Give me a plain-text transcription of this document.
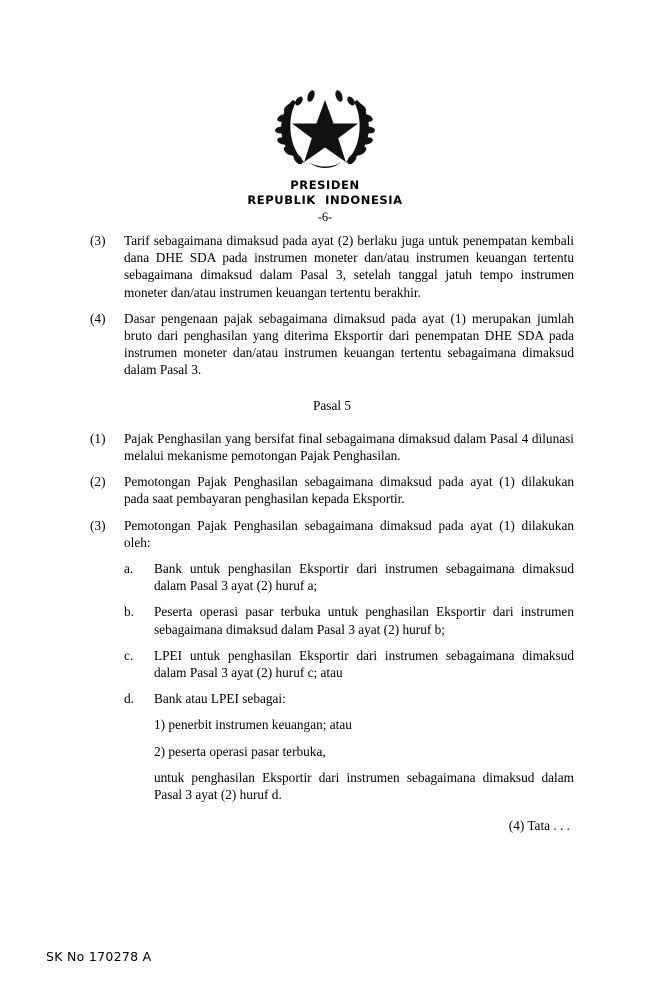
PRESIDEN
REPUBLIK  INDONESIA
-6-
(3)	Tarif sebagaimana dimaksud pada ayat (2) berlaku juga untuk penempatan kembali dana DHE SDA pada instrumen moneter dan/atau instrumen keuangan tertentu sebagaimana dimaksud dalam Pasal 3, setelah tanggal jatuh tempo instrumen moneter dan/atau instrumen keuangan tertentu berakhir.
(4)	Dasar pengenaan pajak sebagaimana dimaksud pada ayat (1) merupakan jumlah bruto dari penghasilan yang diterima Eksportir dari penempatan DHE SDA pada instrumen moneter dan/atau instrumen keuangan tertentu sebagaimana dimaksud dalam Pasal 3.
Pasal 5
(1)	Pajak Penghasilan yang bersifat final sebagaimana dimaksud dalam Pasal 4 dilunasi melalui mekanisme pemotongan Pajak Penghasilan.
(2)	Pemotongan Pajak Penghasilan sebagaimana dimaksud pada ayat (1) dilakukan pada saat pembayaran penghasilan kepada Eksportir.
(3)	Pemotongan Pajak Penghasilan sebagaimana dimaksud pada ayat (1) dilakukan oleh:
a.	Bank untuk penghasilan Eksportir dari instrumen sebagaimana dimaksud dalam Pasal 3 ayat (2) huruf a;
b.	Peserta operasi pasar terbuka untuk penghasilan Eksportir dari instrumen sebagaimana dimaksud dalam Pasal 3 ayat (2) huruf b;
c.	LPEI untuk penghasilan Eksportir dari instrumen sebagaimana dimaksud dalam Pasal 3 ayat (2) huruf c; atau
d.	Bank atau LPEI sebagai:
1) penerbit instrumen keuangan; atau
2) peserta operasi pasar terbuka,
untuk penghasilan Eksportir dari instrumen sebagaimana dimaksud dalam Pasal 3 ayat (2) huruf d.
(4) Tata . . .
SK No 170278 A
